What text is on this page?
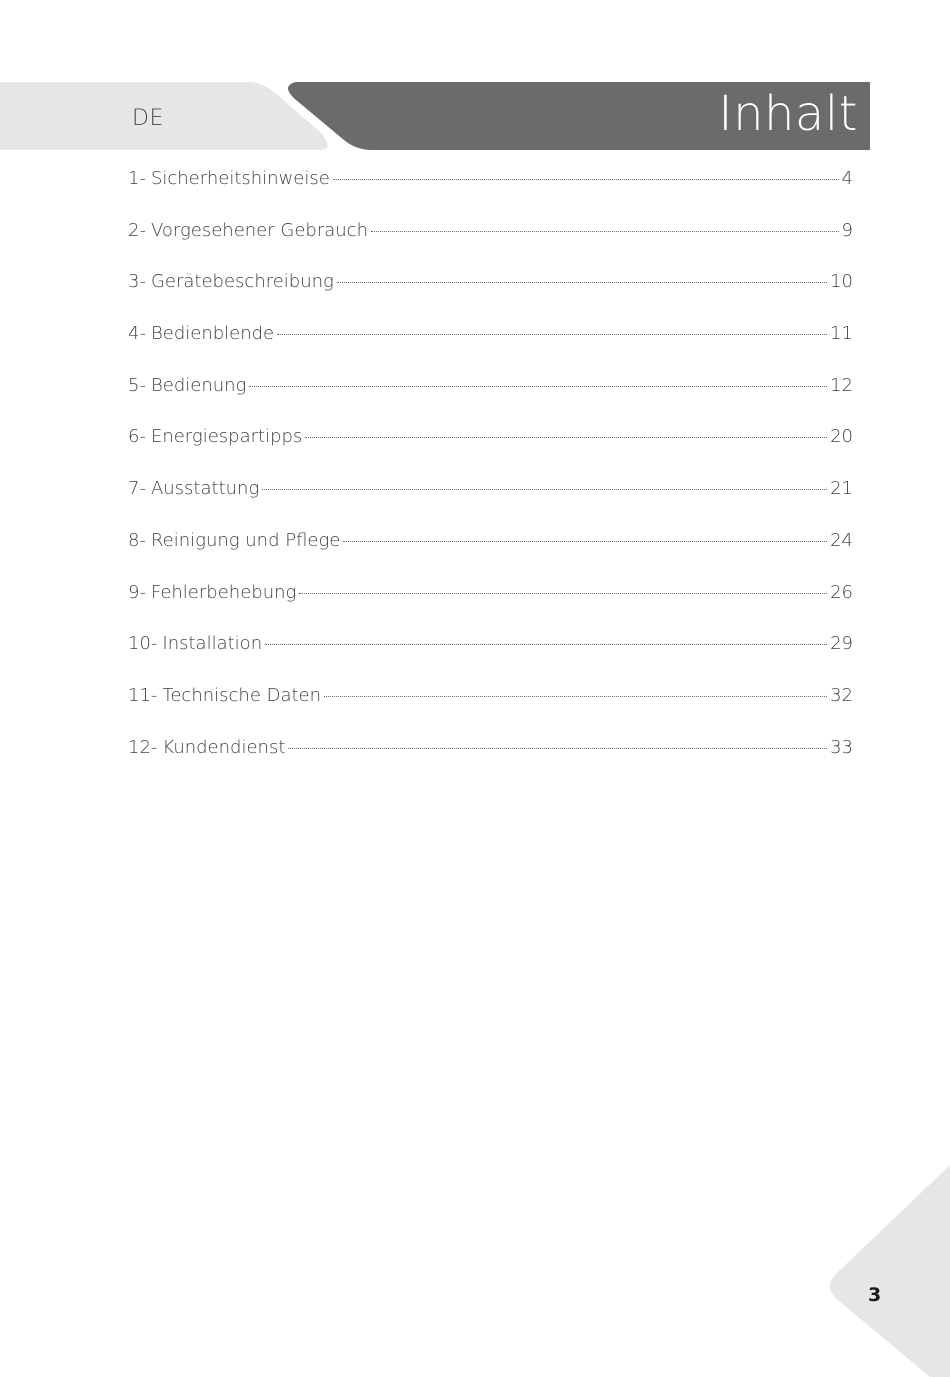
DE	Inhalt
1- Sicherheitshinweise	4
2- Vorgesehener Gebrauch	9
3- Gerätebeschreibung	10
4- Bedienblende	11
5- Bedienung	12
6- Energiespartipps	20
7- Ausstattung	21
8- Reinigung und Pflege	24
9- Fehlerbehebung	26
10- Installation	29
11- Technische Daten	32
12- Kundendienst	33
3
